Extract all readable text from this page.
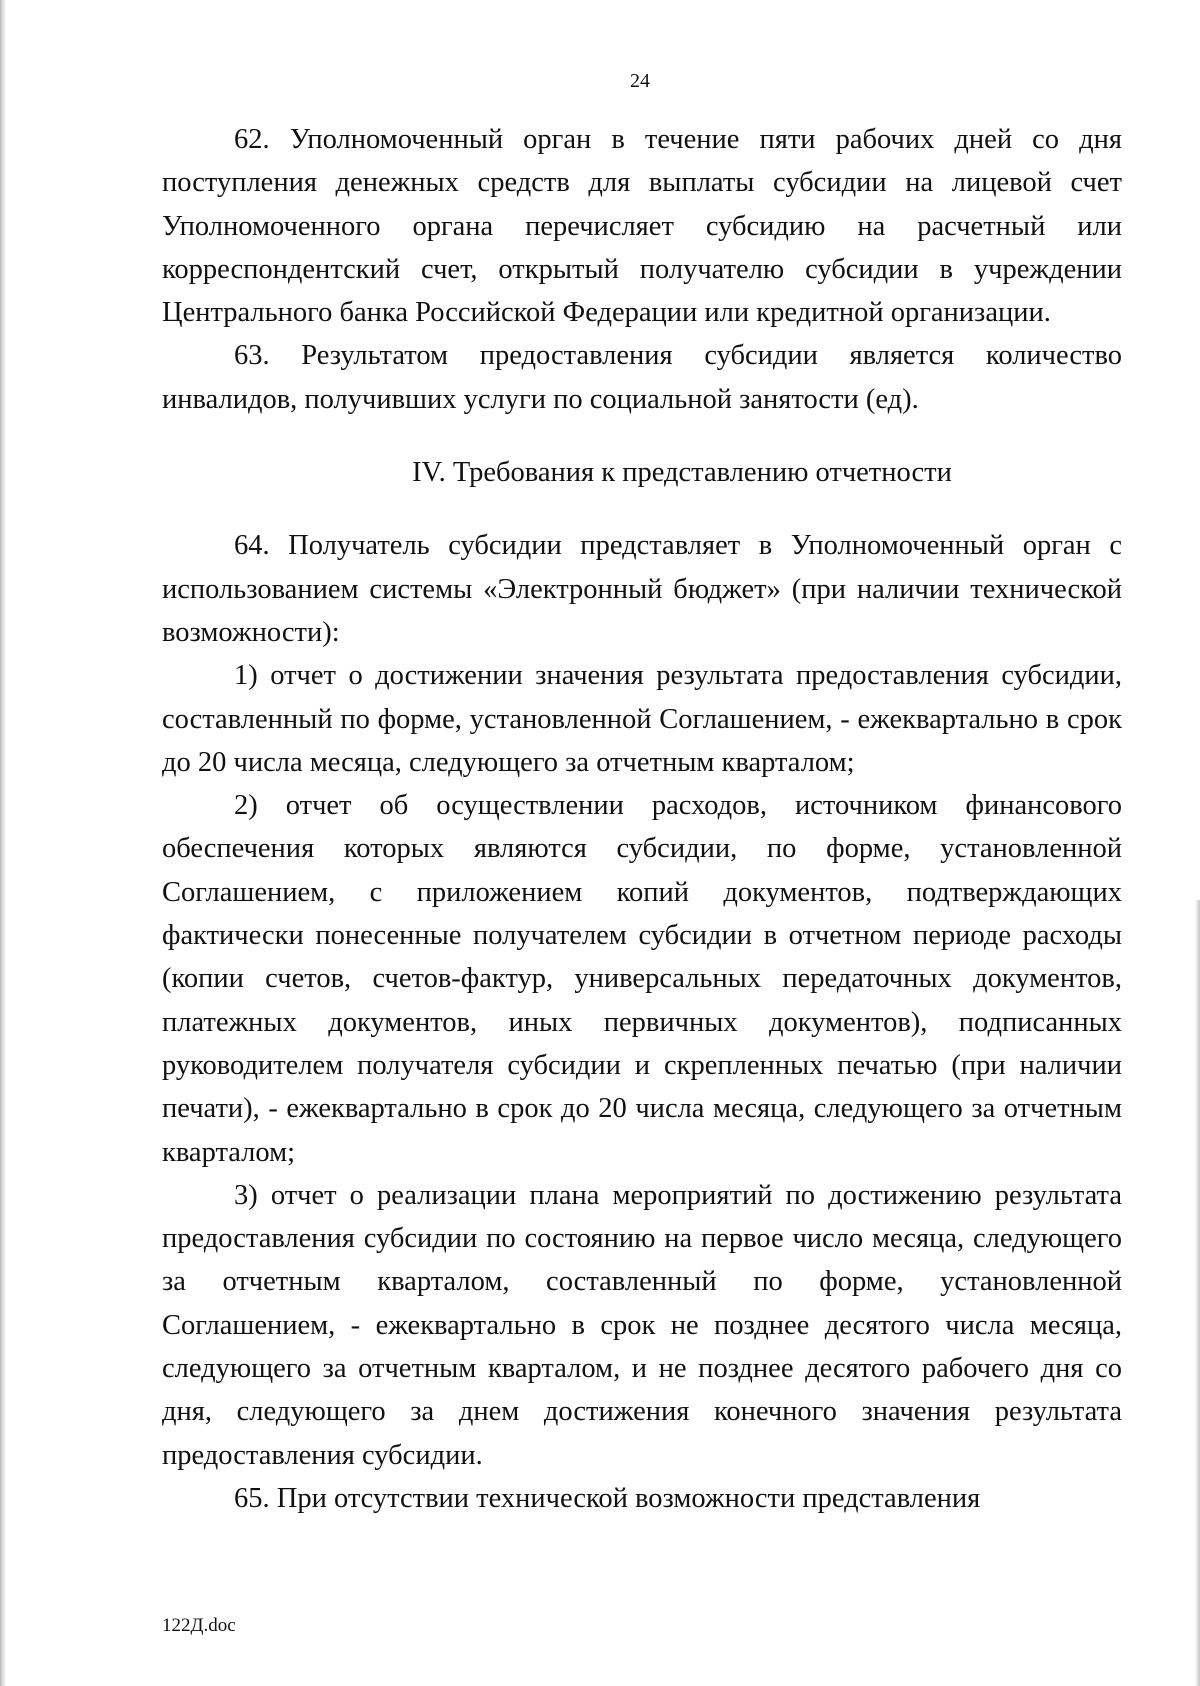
24

62. Уполномоченный орган в течение пяти рабочих дней со дня поступления денежных средств для выплаты субсидии на лицевой счет Уполномоченного органа перечисляет субсидию на расчетный или корреспондентский счет, открытый получателю субсидии в учреждении Центрального банка Российской Федерации или кредитной организации.

63. Результатом предоставления субсидии является количество инвалидов, получивших услуги по социальной занятости (ед).

IV. Требования к представлению отчетности

64. Получатель субсидии представляет в Уполномоченный орган с использованием системы «Электронный бюджет» (при наличии технической возможности):

1) отчет о достижении значения результата предоставления субсидии, составленный по форме, установленной Соглашением, - ежеквартально в срок до 20 числа месяца, следующего за отчетным кварталом;

2) отчет об осуществлении расходов, источником финансового обеспечения которых являются субсидии, по форме, установленной Соглашением, с приложением копий документов, подтверждающих фактически понесенные получателем субсидии в отчетном периоде расходы (копии счетов, счетов-фактур, универсальных передаточных документов, платежных документов, иных первичных документов), подписанных руководителем получателя субсидии и скрепленных печатью (при наличии печати), - ежеквартально в срок до 20 числа месяца, следующего за отчетным кварталом;

3) отчет о реализации плана мероприятий по достижению результата предоставления субсидии по состоянию на первое число месяца, следующего за отчетным кварталом, составленный по форме, установленной Соглашением, - ежеквартально в срок не позднее десятого числа месяца, следующего за отчетным кварталом, и не позднее десятого рабочего дня со дня, следующего за днем достижения конечного значения результата предоставления субсидии.

65. При отсутствии технической возможности представления

122Д.doc
